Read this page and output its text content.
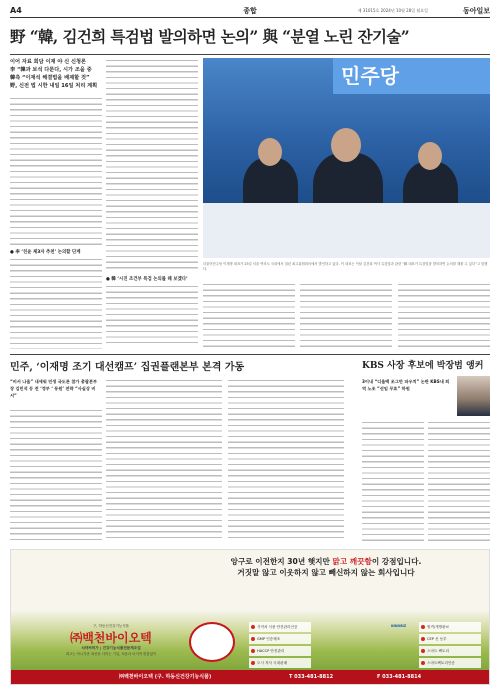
A4	종합	제 31015호 2024년 10월 28일 월요일	동아일보
野 “韓, 김건희 특검법 발의하면 논의” 與 “분열 노린 잔기술”
이어 자료 회담 이재 야 신 신청론
李 “韓과 보석 다룬다, 시가 조을 중
韓측 “이재석 해결법을 배제할 것”
野, 신전 법 시한 내일 16일 처리 계획
● 李 ‘친윤 제3자 추천’ 논의할 단계
● 韓 ‘시진 조건부 특검 논의를 해 보겠다’
민주당
더불어민주당 이재명 대표가 25일 서울 여의도 국회에서 열린 최고위원회의에서 발언하고 있다. 이 대표는 이날 김건희 여사 특검법과 관련 “韓 대표가 특검법을 발의하면 논의를 해볼 수 있다”고 말했다.
민주, ‘이재명 조기 대선캠프’ 집권플랜본부 본격 가동
“비서 나올” 내세워 민생 국도론 참가 총괄본부장 김민석 등 전 ‘정부 ‘ 동원’ 전략 “사실상 비서”
KBS 사장 후보에 박장범 앵커
3이내 “디올백 조그만 파우치” 논란 KBS내 퇴역 노조 “선임 무효” 하원
앙구로 이전한지 30년 햇지만 맑고 깨끗함이 강점입니다.
거짓말 않고 이웃하지 않고 빼신하지 않는 회사입니다
구, 하동신건강기능식품
㈜백천바이오텍
식약처허가 | 건강기능식품전문제조업
최고는 아니지만 최선을 다하는 기업, 처음과 마지막 변함없이
식약처 식품 안전관리인증
GMP 인증제조
HACCP 안전관리
도시 자사 국내판매
INNOBIZ	합격/개방완료
CEP 신 동부
스마트 팩토리
스마트팩토리인증
㈜백천바이오텍 (구. 하동신건강기능식품)	T 033-481-8812	F 033-481-8814
